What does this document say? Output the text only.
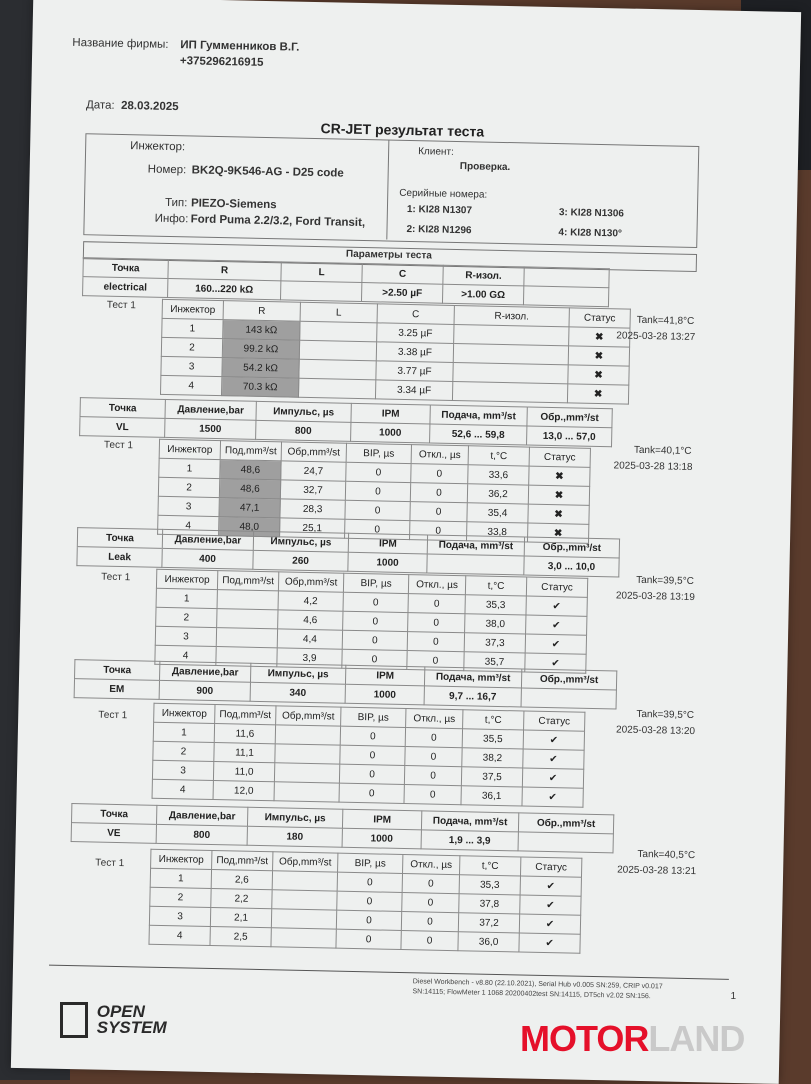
Название фирмы: ИП Гумменников В.Г.
+375296216915
Дата: 28.03.2025
CR-JET результат теста
Инжектор:
Номер: BK2Q-9K546-AG - D25 code
Тип: PIEZO-Siemens
Инфо: Ford Puma 2.2/3.2, Ford Transit,
Клиент:
Проверка.
Серийные номера:
1: KI28 N1307
2: KI28 N1296
3: KI28 N1306
4: KI28 N130°
Параметры теста
Точка	R	L	C	R-изол.	
electrical	160...220 kΩ		>2.50 µF	>1.00 GΩ	
Тест 1	Инжектор	R	L	C	R-изол.	Статус
1	143 kΩ		3.25 µF		✖
2	99.2 kΩ		3.38 µF		✖
3	54.2 kΩ		3.77 µF		✖
4	70.3 kΩ		3.34 µF		✖
Tank=41,8°C
2025-03-28 13:27
Точка	Давление,bar	Импульс, µs	IPM	Подача, mm³/st	Обр.,mm³/st
VL	1500	800	1000	52,6 ... 59,8	13,0 ... 57,0
Тест 1	Инжектор	Под,mm³/st	Обр,mm³/st	BIP, µs	Откл., µs	t,°C	Статус
1	48,6	24,7	0	0	33,6	✖
2	48,6	32,7	0	0	36,2	✖
3	47,1	28,3	0	0	35,4	✖
4	48,0	25,1	0	0	33,8	✖
Tank=40,1°C
2025-03-28 13:18
Точка	Давление,bar	Импульс, µs	IPM	Подача, mm³/st	Обр.,mm³/st
Leak	400	260	1000		3,0 ... 10,0
Тест 1	Инжектор	Под,mm³/st	Обр,mm³/st	BIP, µs	Откл., µs	t,°C	Статус
1		4,2	0	0	35,3	✔
2		4,6	0	0	38,0	✔
3		4,4	0	0	37,3	✔
4		3,9	0	0	35,7	✔
Tank=39,5°C
2025-03-28 13:19
Точка	Давление,bar	Импульс, µs	IPM	Подача, mm³/st	Обр.,mm³/st
EM	900	340	1000	9,7 ... 16,7	
Тест 1	Инжектор	Под,mm³/st	Обр,mm³/st	BIP, µs	Откл., µs	t,°C	Статус
1	11,6		0	0	35,5	✔
2	11,1		0	0	38,2	✔
3	11,0		0	0	37,5	✔
4	12,0		0	0	36,1	✔
Tank=39,5°C
2025-03-28 13:20
Точка	Давление,bar	Импульс, µs	IPM	Подача, mm³/st	Обр.,mm³/st
VE	800	180	1000	1,9 ... 3,9	
Тест 1	Инжектор	Под,mm³/st	Обр,mm³/st	BIP, µs	Откл., µs	t,°C	Статус
1	2,6		0	0	35,3	✔
2	2,2		0	0	37,8	✔
3	2,1		0	0	37,2	✔
4	2,5		0	0	36,0	✔
Tank=40,5°C
2025-03-28 13:21
Diesel Workbench - v8.80 (22.10.2021), Serial Hub v0.005 SN:259, CRIP v0.017
SN:14115; FlowMeter 1 1068 20200402test SN:14115, DT5ch v2.02 SN:156.	1

OPEN
SYSTEM	MOTORLAND
